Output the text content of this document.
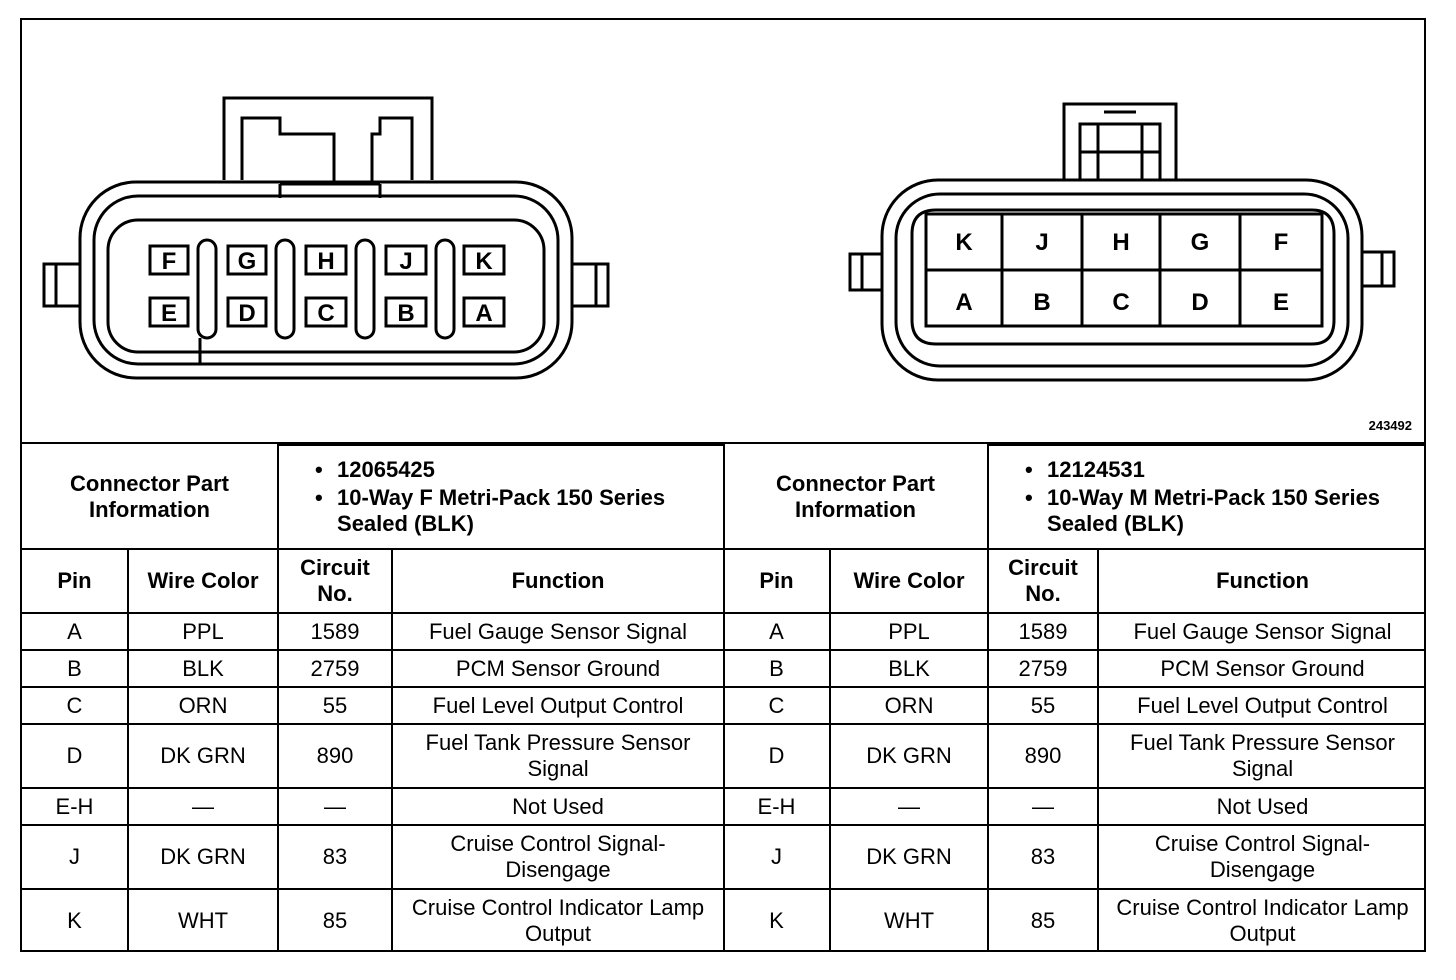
F	G	H	J	K
E	D	C	B	A
K	J	H	G	F
A	B	C	D	E
243492
Connector Part Information		• 12065425
• 10-Way F Metri-Pack 150 Series Sealed (BLK)	

Pin	Wire Color	Circuit No.	Function
A	PPL	1589	Fuel Gauge Sensor Signal
B	BLK	2759	PCM Sensor Ground
C	ORN	55	Fuel Level Output Control
D	DK GRN	890	Fuel Tank Pressure Sensor Signal
E-H	—	—	Not Used
J	DK GRN	83	Cruise Control Signal-Disengage
K	WHT	85	Cruise Control Indicator Lamp Output
Connector Part Information		• 12124531
• 10-Way M Metri-Pack 150 Series Sealed (BLK)	

Pin	Wire Color	Circuit No.	Function
A	PPL	1589	Fuel Gauge Sensor Signal
B	BLK	2759	PCM Sensor Ground
C	ORN	55	Fuel Level Output Control
D	DK GRN	890	Fuel Tank Pressure Sensor Signal
E-H	—	—	Not Used
J	DK GRN	83	Cruise Control Signal-Disengage
K	WHT	85	Cruise Control Indicator Lamp Output
